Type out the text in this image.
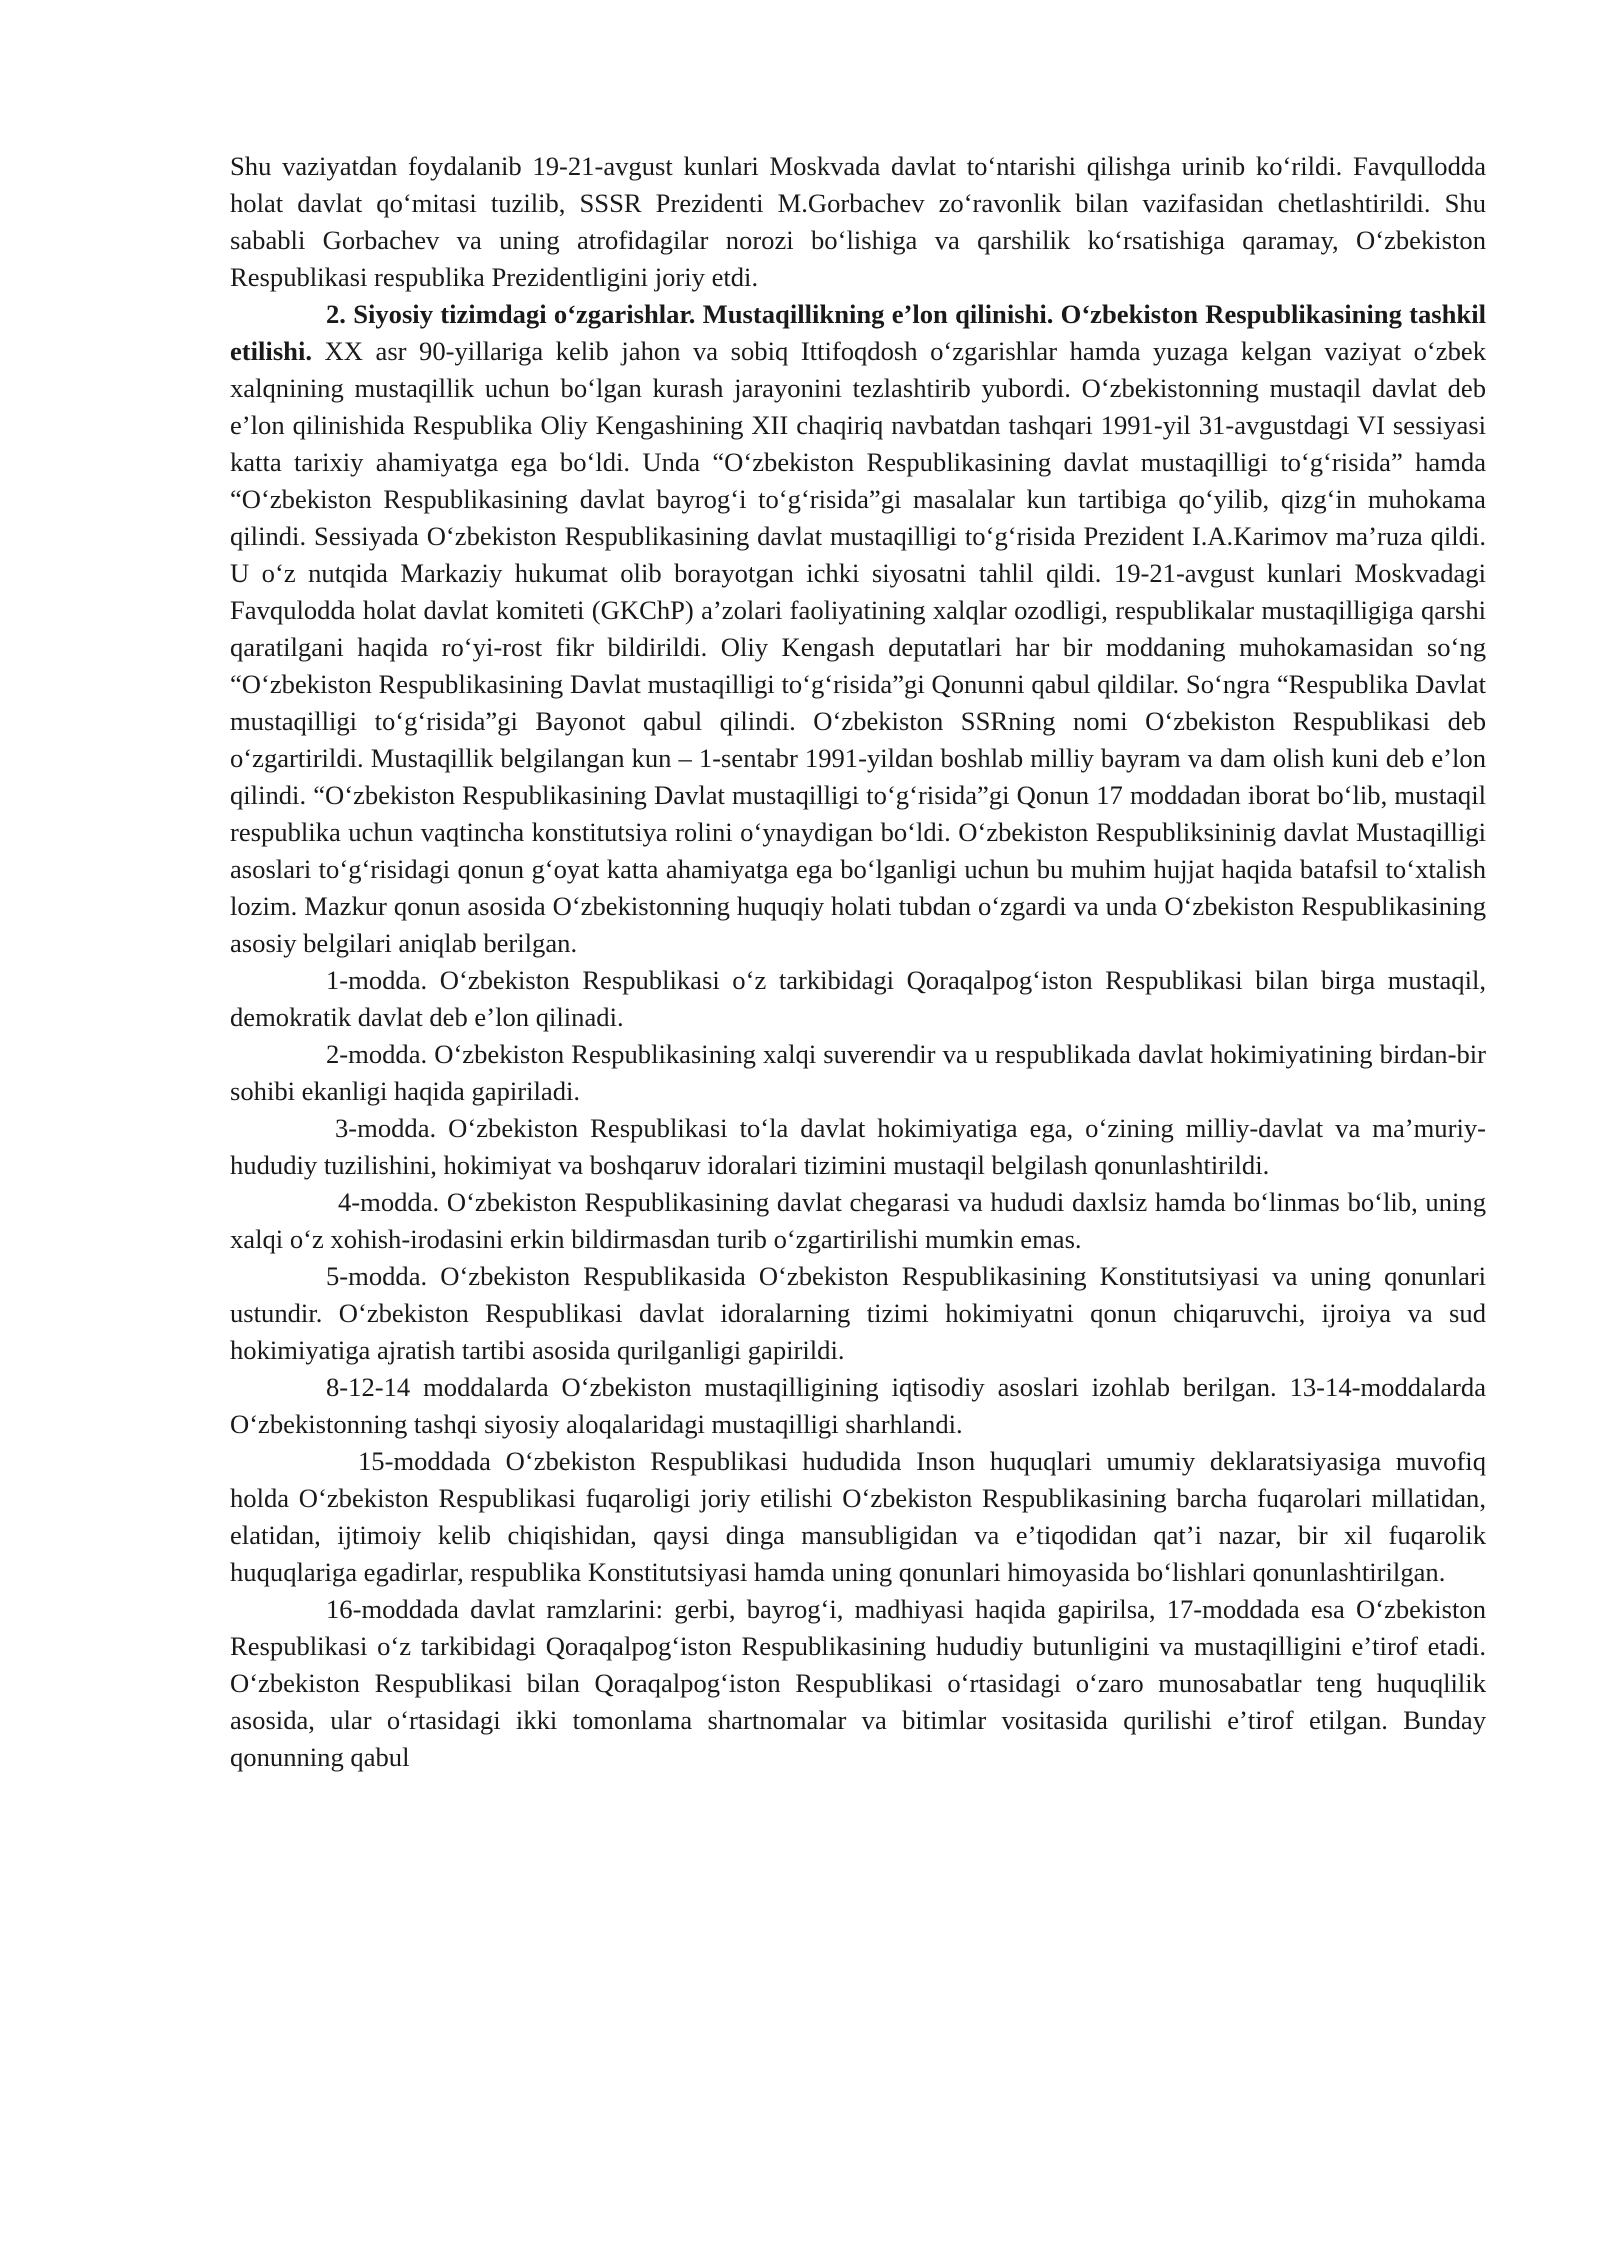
Shu vaziyatdan foydalanib 19-21-avgust kunlari Moskvada davlat toʻntarishi qilishga urinib koʻrildi. Favqullodda holat davlat qoʻmitasi tuzilib, SSSR Prezidenti M.Gorbachev zoʻravonlik bilan vazifasidan chetlashtirildi. Shu sababli Gorbachev va uning atrofidagilar norozi boʻlishiga va qarshilik koʻrsatishiga qaramay, Oʻzbekiston Respublikasi respublika Prezidentligini joriy etdi.

2. Siyosiy tizimdagi oʻzgarishlar. Mustaqillikning eʼlon qilinishi. Oʻzbekiston Respublikasining tashkil etilishi. XX asr 90-yillariga kelib jahon va sobiq Ittifoqdosh oʻzgarishlar hamda yuzaga kelgan vaziyat oʻzbek xalqnining mustaqillik uchun boʻlgan kurash jarayonini tezlashtirib yubordi. Oʻzbekistonning mustaqil davlat deb eʼlon qilinishida Respublika Oliy Kengashining XII chaqiriq navbatdan tashqari 1991-yil 31-avgustdagi VI sessiyasi katta tarixiy ahamiyatga ega boʻldi. Unda “Oʻzbekiston Respublikasining davlat mustaqilligi toʻgʻrisida” hamda “Oʻzbekiston Respublikasining davlat bayrogʻi toʻgʻrisida”gi masalalar kun tartibiga qoʻyilib, qizgʻin muhokama qilindi. Sessiyada Oʻzbekiston Respublikasining davlat mustaqilligi toʻgʻrisida Prezident I.A.Karimov maʼruza qildi. U oʻz nutqida Markaziy hukumat olib borayotgan ichki siyosatni tahlil qildi. 19-21-avgust kunlari Moskvadagi Favqulodda holat davlat komiteti (GKChP) aʼzolari faoliyatining xalqlar ozodligi, respublikalar mustaqilligiga qarshi qaratilgani haqida roʻyi-rost fikr bildirildi. Oliy Kengash deputatlari har bir moddaning muhokamasidan soʻng “Oʻzbekiston Respublikasining Davlat mustaqilligi toʻgʻrisida”gi Qonunni qabul qildilar. Soʻngra “Respublika Davlat mustaqilligi toʻgʻrisida”gi Bayonot qabul qilindi. Oʻzbekiston SSRning nomi Oʻzbekiston Respublikasi deb oʻzgartirildi. Mustaqillik belgilangan kun – 1-sentabr 1991-yildan boshlab milliy bayram va dam olish kuni deb eʼlon qilindi. “Oʻzbekiston Respublikasining Davlat mustaqilligi toʻgʻrisida”gi Qonun 17 moddadan iborat boʻlib, mustaqil respublika uchun vaqtincha konstitutsiya rolini oʻynaydigan boʻldi. Oʻzbekiston Respubliksininig davlat Mustaqilligi asoslari toʻgʻrisidagi qonun gʻoyat katta ahamiyatga ega boʻlganligi uchun bu muhim hujjat haqida batafsil toʻxtalish lozim. Mazkur qonun asosida Oʻzbekistonning huquqiy holati tubdan oʻzgardi va unda Oʻzbekiston Respublikasining asosiy belgilari aniqlab berilgan.

1-modda. Oʻzbekiston Respublikasi oʻz tarkibidagi Qoraqalpogʻiston Respublikasi bilan birga mustaqil, demokratik davlat deb eʼlon qilinadi.

2-modda. Oʻzbekiston Respublikasining xalqi suverendir va u respublikada davlat hokimiyatining birdan-bir sohibi ekanligi haqida gapiriladi.

3-modda. Oʻzbekiston Respublikasi toʻla davlat hokimiyatiga ega, oʻzining milliy-davlat va maʼmuriy-hududiy tuzilishini, hokimiyat va boshqaruv idoralari tizimini mustaqil belgilash qonunlashtirildi.

4-modda. Oʻzbekiston Respublikasining davlat chegarasi va hududi daxlsiz hamda boʻlinmas boʻlib, uning xalqi oʻz xohish-irodasini erkin bildirmasdan turib oʻzgartirilishi mumkin emas.

5-modda. Oʻzbekiston Respublikasida Oʻzbekiston Respublikasining Konstitutsiyasi va uning qonunlari ustundir. Oʻzbekiston Respublikasi davlat idoralarning tizimi hokimiyatni qonun chiqaruvchi, ijroiya va sud hokimiyatiga ajratish tartibi asosida qurilganligi gapirildi.

8-12-14 moddalarda Oʻzbekiston mustaqilligining iqtisodiy asoslari izohlab berilgan. 13-14-moddalarda Oʻzbekistonning tashqi siyosiy aloqalaridagi mustaqilligi sharhlandi.

15-moddada Oʻzbekiston Respublikasi hududida Inson huquqlari umumiy deklaratsiyasiga muvofiq holda Oʻzbekiston Respublikasi fuqaroligi joriy etilishi Oʻzbekiston Respublikasining barcha fuqarolari millatidan, elatidan, ijtimoiy kelib chiqishidan, qaysi dinga mansubligidan va eʼtiqodidan qatʼi nazar, bir xil fuqarolik huquqlariga egadirlar, respublika Konstitutsiyasi hamda uning qonunlari himoyasida boʻlishlari qonunlashtirilgan.

16-moddada davlat ramzlarini: gerbi, bayrogʻi, madhiyasi haqida gapirilsa, 17-moddada esa Oʻzbekiston Respublikasi oʻz tarkibidagi Qoraqalpogʻiston Respublikasining hududiy butunligini va mustaqilligini eʼtirof etadi. Oʻzbekiston Respublikasi bilan Qoraqalpogʻiston Respublikasi oʻrtasidagi oʻzaro munosabatlar teng huquqlilik asosida, ular oʻrtasidagi ikki tomonlama shartnomalar va bitimlar vositasida qurilishi eʼtirof etilgan. Bunday qonunning qabul
